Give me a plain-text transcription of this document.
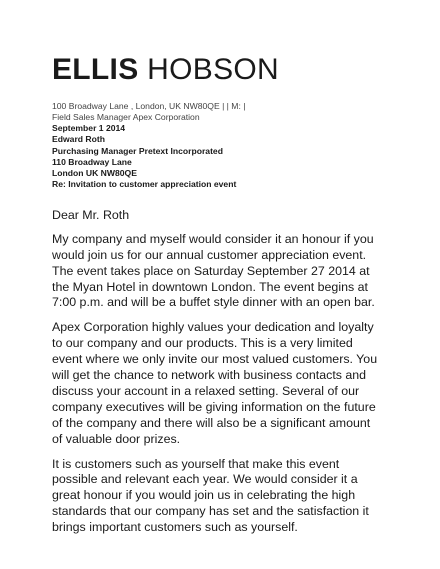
ELLIS HOBSON
100 Broadway Lane , London, UK NW80QE | | M: |
Field Sales Manager Apex Corporation
September 1 2014
Edward Roth
Purchasing Manager Pretext Incorporated
110 Broadway Lane
London UK NW80QE
Re: Invitation to customer appreciation event
Dear Mr. Roth
My company and myself would consider it an honour if you
would join us for our annual customer appreciation event.
The event takes place on Saturday September 27 2014 at
the Myan Hotel in downtown London. The event begins at
7:00 p.m. and will be a buffet style dinner with an open bar.
Apex Corporation highly values your dedication and loyalty
to our company and our products. This is a very limited
event where we only invite our most valued customers. You
will get the chance to network with business contacts and
discuss your account in a relaxed setting. Several of our
company executives will be giving information on the future
of the company and there will also be a significant amount
of valuable door prizes.
It is customers such as yourself that make this event
possible and relevant each year. We would consider it a
great honour if you would join us in celebrating the high
standards that our company has set and the satisfaction it
brings important customers such as yourself.
